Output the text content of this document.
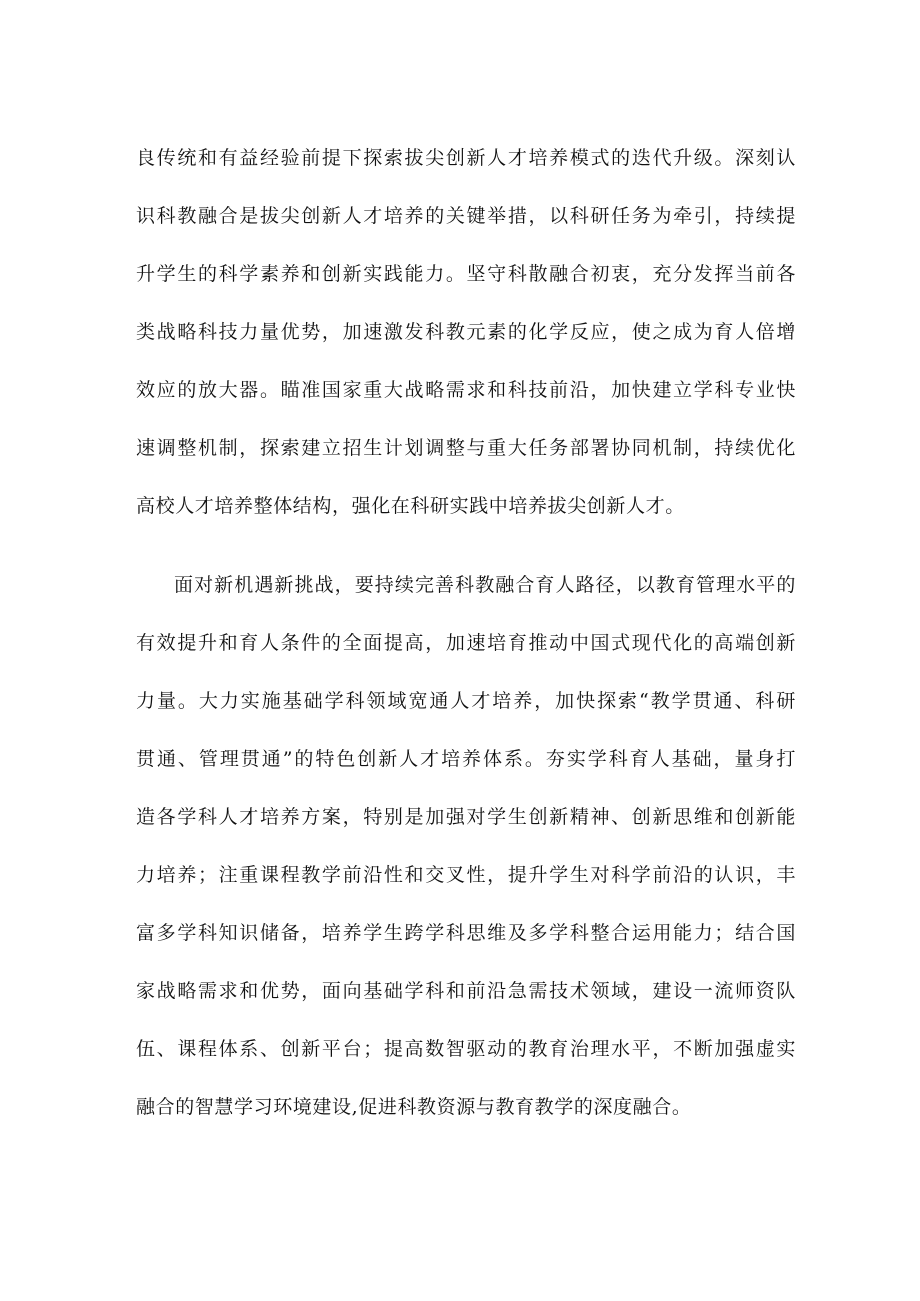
良传统和有益经验前提下探索拔尖创新人才培养模式的迭代升级。深刻认
识科教融合是拔尖创新人才培养的关键举措，以科研任务为牵引，持续提
升学生的科学素养和创新实践能力。坚守科散融合初衷，充分发挥当前各
类战略科技力量优势，加速激发科教元素的化学反应，使之成为育人倍增
效应的放大器。瞄准国家重大战略需求和科技前沿，加快建立学科专业快
速调整机制，探索建立招生计划调整与重大任务部署协同机制，持续优化
高校人才培养整体结构，强化在科研实践中培养拔尖创新人才。
面对新机遇新挑战，要持续完善科教融合育人路径，以教育管理水平的
有效提升和育人条件的全面提高，加速培育推动中国式现代化的高端创新
力量。大力实施基础学科领域宽通人才培养，加快探索“教学贯通、科研
贯通、管理贯通”的特色创新人才培养体系。夯实学科育人基础，量身打
造各学科人才培养方案，特别是加强对学生创新精神、创新思维和创新能
力培养；注重课程教学前沿性和交叉性，提升学生对科学前沿的认识，丰
富多学科知识储备，培养学生跨学科思维及多学科整合运用能力；结合国
家战略需求和优势，面向基础学科和前沿急需技术领域，建设一流师资队
伍、课程体系、创新平台；提高数智驱动的教育治理水平，不断加强虚实
融合的智慧学习环境建设,促进科教资源与教育教学的深度融合。
